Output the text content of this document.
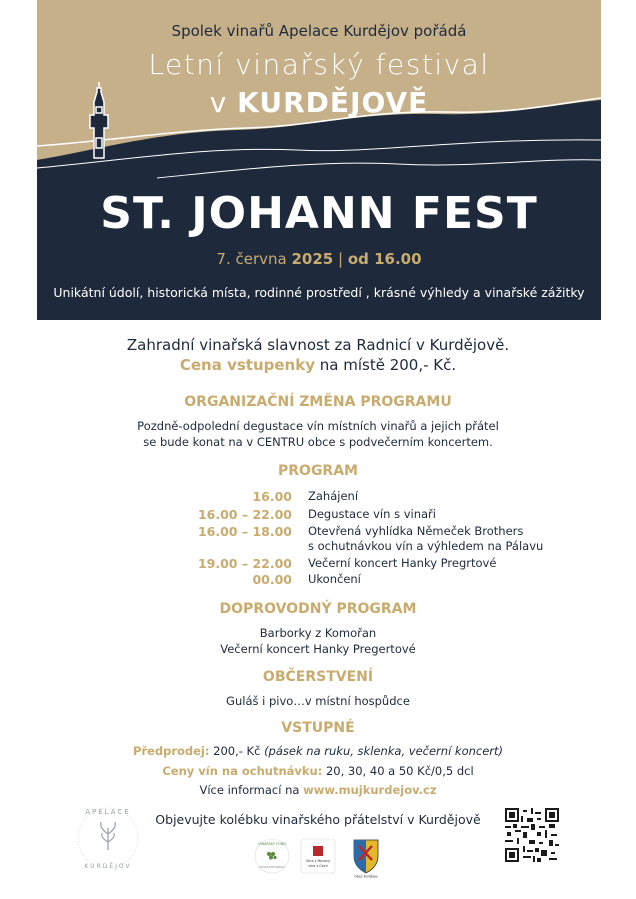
Spolek vinařů Apelace Kurdějov pořádá
Letní vinařský festival
v KURDĚJOVĚ
ST. JOHANN FEST
7. června 2025 | od 16.00
Unikátní údolí, historická místa, rodinné prostředí , krásné výhledy a vinařské zážitky
Zahradní vinařská slavnost za Radnicí v Kurdějově.
Cena vstupenky na místě 200,- Kč.
ORGANIZAČNÍ ZMĚNA PROGRAMU
Pozdně-odpolední degustace vín místních vinařů a jejich přátel
se bude konat na v CENTRU obce s podvečerním koncertem.
PROGRAM
16.00 Zahájení
16.00 – 22.00 Degustace vín s vinaři
16.00 – 18.00 Otevřená vyhlídka Němeček Brothers
s ochutnávkou vín a výhledem na Pálavu
19.00 – 22.00 Večerní koncert Hanky Pregrtové
00.00 Ukončení
DOPROVODNÝ PROGRAM
Barborky z Komořan
Večerní koncert Hanky Pregertové
OBČERSTVENÍ
Guláš i pivo…v místní hospůdce
VSTUPNÉ
Předprodej: 200,- Kč (pásek na ruku, sklenka, večerní koncert)
Ceny vín na ochutnávku: 20, 30, 40 a 50 Kč/0,5 dcl
Více informací na www.mujkurdejov.cz
APELACE
KURDĚJOV
Objevujte kolébku vinařského přátelství v Kurdějově
VINAŘSKÝ FOND
ČESKÉ REPUBLIKY
Vína z Moravy
vína z Čech
Obec Kurdějov
